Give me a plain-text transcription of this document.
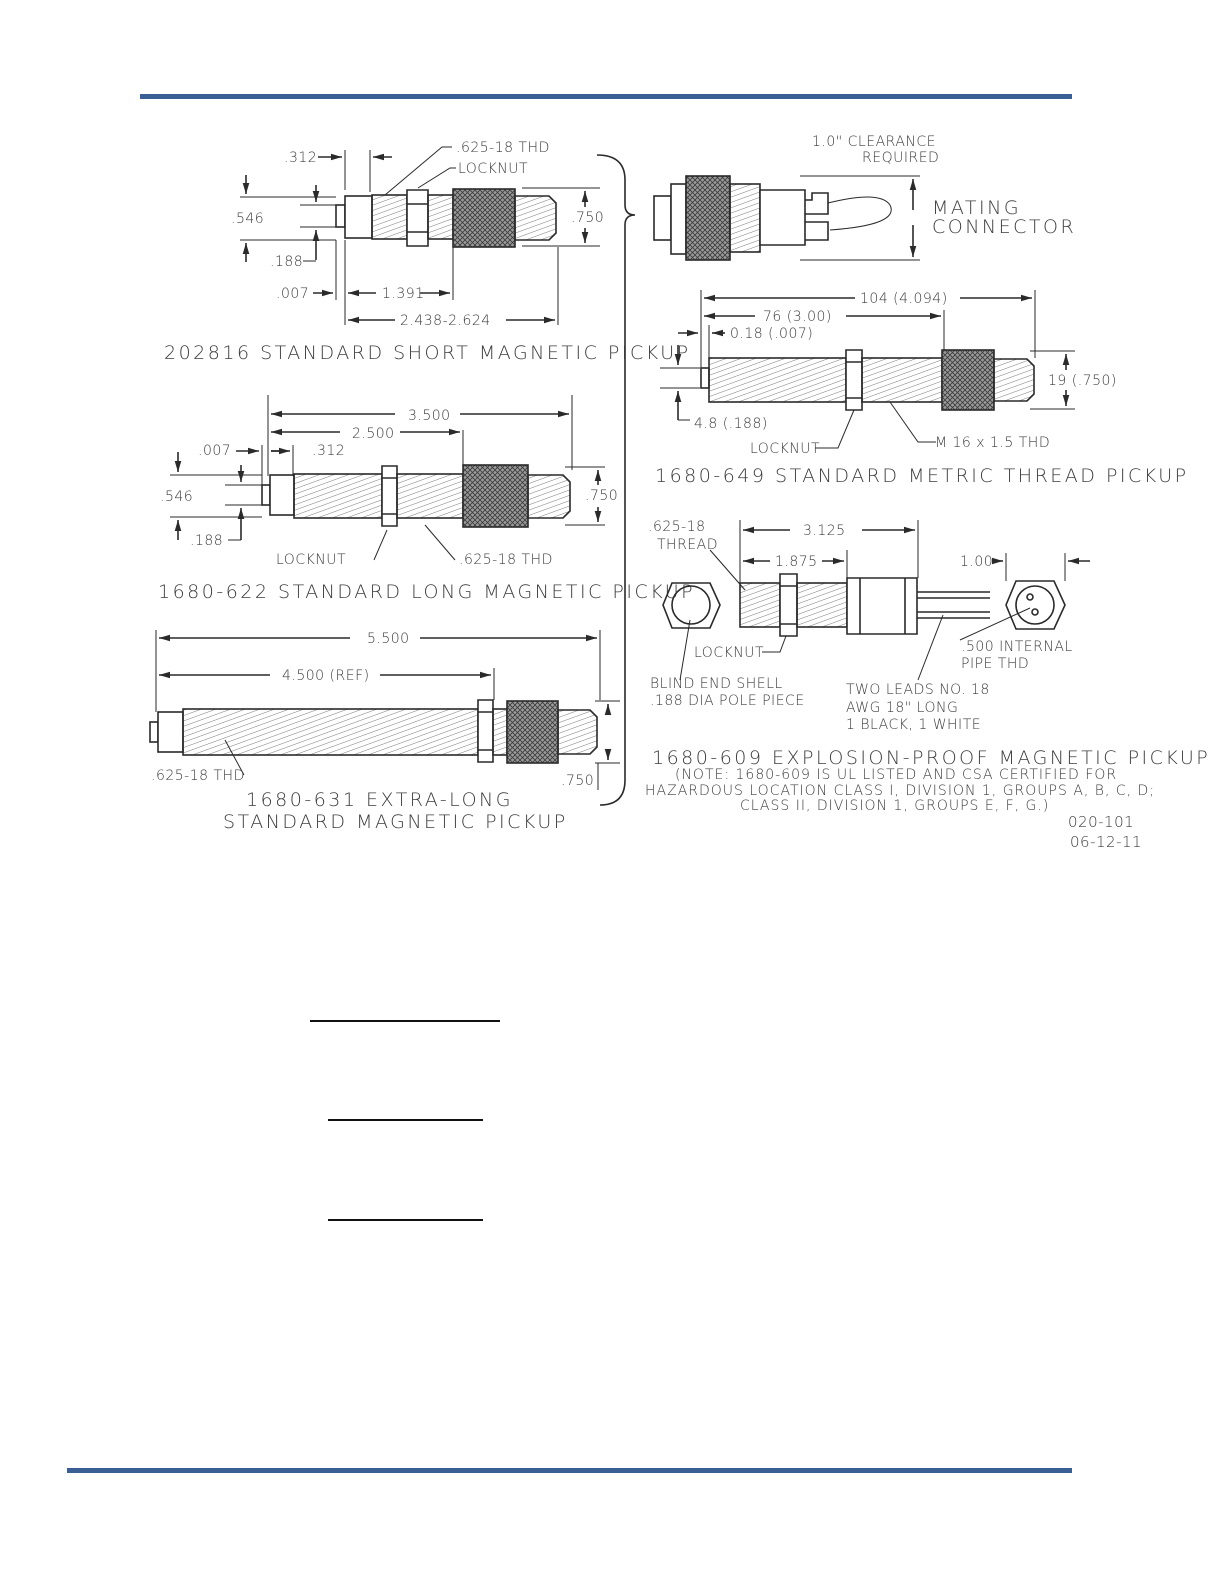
.312
.625-18 THD
LOCKNUT
.546	.750
.188
.007	1.391
2.438-2.624
202816 STANDARD SHORT MAGNETIC PICKUP
3.500
2.500
.007	.312
.546	.750
.188
LOCKNUT	.625-18 THD
1680-622 STANDARD LONG MAGNETIC PICKUP
5.500
4.500 (REF)
.625-18 THD	.750
1680-631 EXTRA-LONG
STANDARD MAGNETIC PICKUP
1.0" CLEARANCE
REQUIRED
MATING
CONNECTOR
104 (4.094)
76 (3.00)
0.18 (.007)
19 (.750)
4.8 (.188)
LOCKNUT	M 16 x 1.5 THD
1680-649 STANDARD METRIC THREAD PICKUP
.625-18
THREAD
3.125
1.875	1.00
LOCKNUT	.500 INTERNAL
PIPE THD
BLIND END SHELL
.188 DIA POLE PIECE
TWO LEADS NO. 18
AWG 18" LONG
1 BLACK, 1 WHITE
1680-609 EXPLOSION-PROOF MAGNETIC PICKUP
(NOTE: 1680-609 IS UL LISTED AND CSA CERTIFIED FOR
HAZARDOUS LOCATION CLASS I, DIVISION 1, GROUPS A, B, C, D;
CLASS II, DIVISION 1, GROUPS E, F, G.)
020-101
06-12-11
